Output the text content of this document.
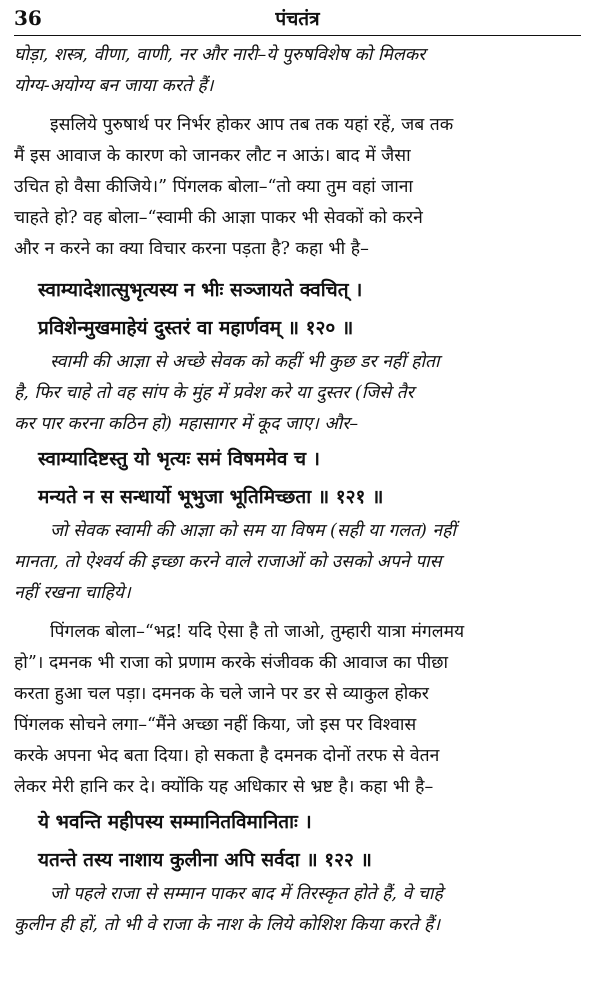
36	पंचतंत्र
घोड़ा, शस्त्र, वीणा, वाणी, नर और नारी–ये पुरुषविशेष को मिलकर
योग्य-अयोग्य बन जाया करते हैं।
इसलिये पुरुषार्थ पर निर्भर होकर आप तब तक यहां रहें, जब तक
मैं इस आवाज के कारण को जानकर लौट न आऊं। बाद में जैसा
उचित हो वैसा कीजिये।” पिंगलक बोला–“तो क्या तुम वहां जाना
चाहते हो? वह बोला–“स्वामी की आज्ञा पाकर भी सेवकों को करने
और न करने का क्या विचार करना पड़ता है? कहा भी है–
स्वाम्यादेशात्सुभृत्यस्य न भीः सञ्जायते क्वचित् ।
प्रविशेन्मुखमाहेयं दुस्तरं वा महार्णवम् ॥ १२० ॥
स्वामी की आज्ञा से अच्छे सेवक को कहीं भी कुछ डर नहीं होता
है, फिर चाहे तो वह सांप के मुंह में प्रवेश करे या दुस्तर (जिसे तैर
कर पार करना कठिन हो) महासागर में कूद जाए। और–
स्वाम्यादिष्टस्तु यो भृत्यः समं विषममेव च ।
मन्यते न स सन्धार्यो भूभुजा भूतिमिच्छता ॥ १२१ ॥
जो सेवक स्वामी की आज्ञा को सम या विषम (सही या गलत) नहीं
मानता, तो ऐश्वर्य की इच्छा करने वाले राजाओं को उसको अपने पास
नहीं रखना चाहिये।
पिंगलक बोला–“भद्र! यदि ऐसा है तो जाओ, तुम्हारी यात्रा मंगलमय
हो”। दमनक भी राजा को प्रणाम करके संजीवक की आवाज का पीछा
करता हुआ चल पड़ा। दमनक के चले जाने पर डर से व्याकुल होकर
पिंगलक सोचने लगा–“मैंने अच्छा नहीं किया, जो इस पर विश्वास
करके अपना भेद बता दिया। हो सकता है दमनक दोनों तरफ से वेतन
लेकर मेरी हानि कर दे। क्योंकि यह अधिकार से भ्रष्ट है। कहा भी है–
ये भवन्ति महीपस्य सम्मानितविमानिताः ।
यतन्ते तस्य नाशाय कुलीना अपि सर्वदा ॥ १२२ ॥
जो पहले राजा से सम्मान पाकर बाद में तिरस्कृत होते हैं, वे चाहे
कुलीन ही हों, तो भी वे राजा के नाश के लिये कोशिश किया करते हैं।
